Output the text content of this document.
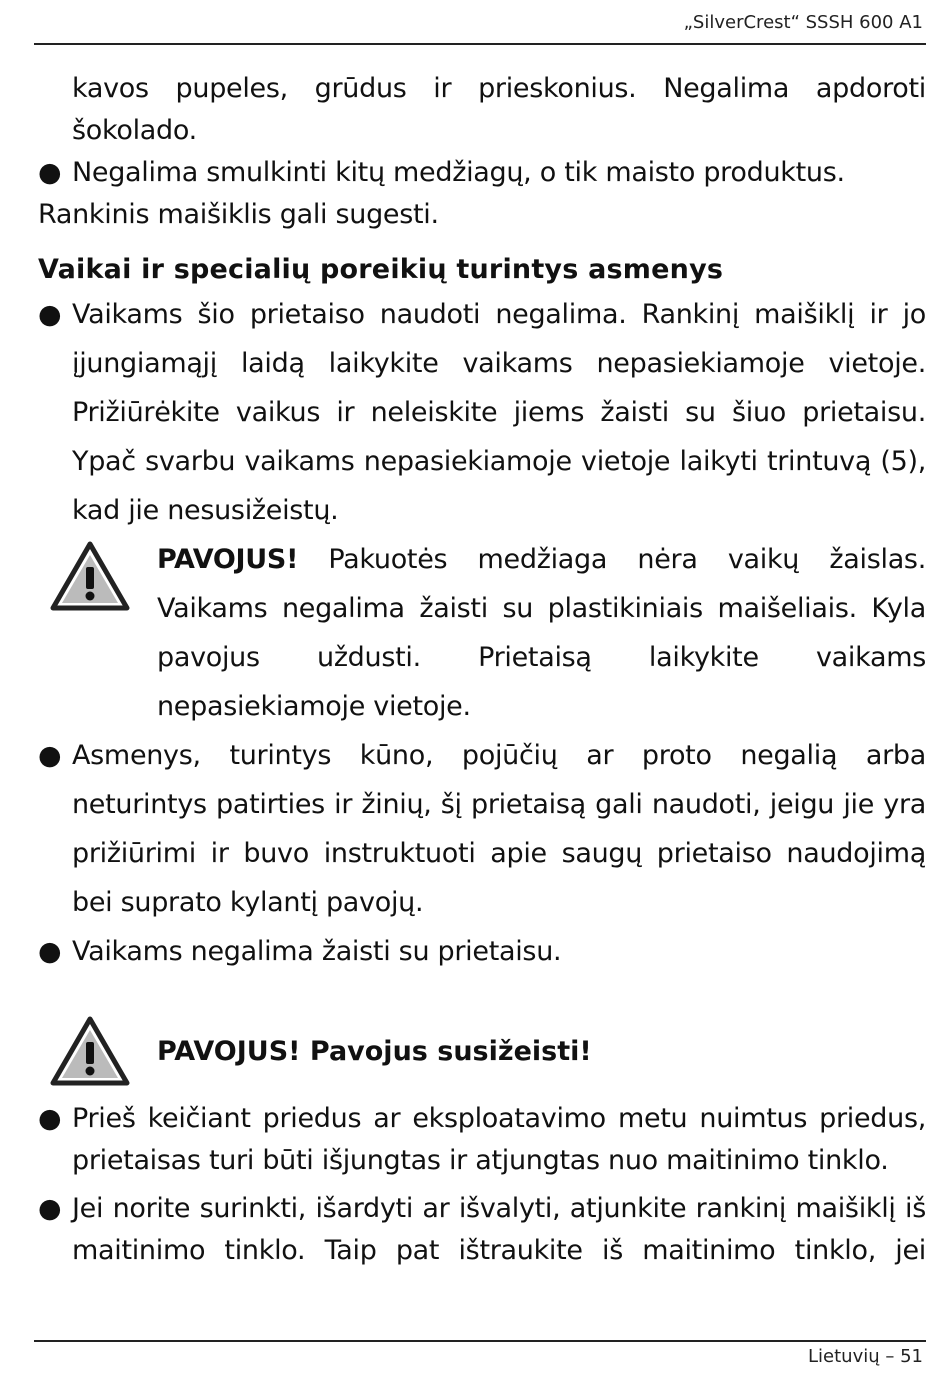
„SilverCrest“ SSSH 600 A1

kavos pupeles, grūdus ir prieskonius. Negalima apdoroti

šokolado.

● Negalima smulkinti kitų medžiagų, o tik maisto produktus.

Rankinis maišiklis gali sugesti.

Vaikai ir specialių poreikių turintys asmenys
● Vaikams šio prietaiso naudoti negalima. Rankinį maišiklį ir jo įjungiamąjį laidą laikykite vaikams nepasiekiamoje vietoje. Prižiūrėkite vaikus ir neleiskite jiems žaisti su šiuo prietaisu. Ypač svarbu vaikams nepasiekiamoje vietoje laikyti trintuvą (5), kad jie nesusižeistų.
PAVOJUS! Pakuotės medžiaga nėra vaikų žaislas. Vaikams negalima žaisti su plastikiniais maišeliais. Kyla pavojus uždusti. Prietaisą laikykite vaikams nepasiekiamoje vietoje.
● Asmenys, turintys kūno, pojūčių ar proto negalią arba neturintys patirties ir žinių, šį prietaisą gali naudoti, jeigu jie yra prižiūrimi ir buvo instruktuoti apie saugų prietaiso naudojimą bei suprato kylantį pavojų.
● Vaikams negalima žaisti su prietaisu.
PAVOJUS! Pavojus susižeisti!
● Prieš keičiant priedus ar eksploatavimo metu nuimtus priedus, prietaisas turi būti išjungtas ir atjungtas nuo maitinimo tinklo.
● Jei norite surinkti, išardyti ar išvalyti, atjunkite rankinį maišiklį iš maitinimo tinklo. Taip pat ištraukite iš maitinimo tinklo, jei
Lietuvių – 51
